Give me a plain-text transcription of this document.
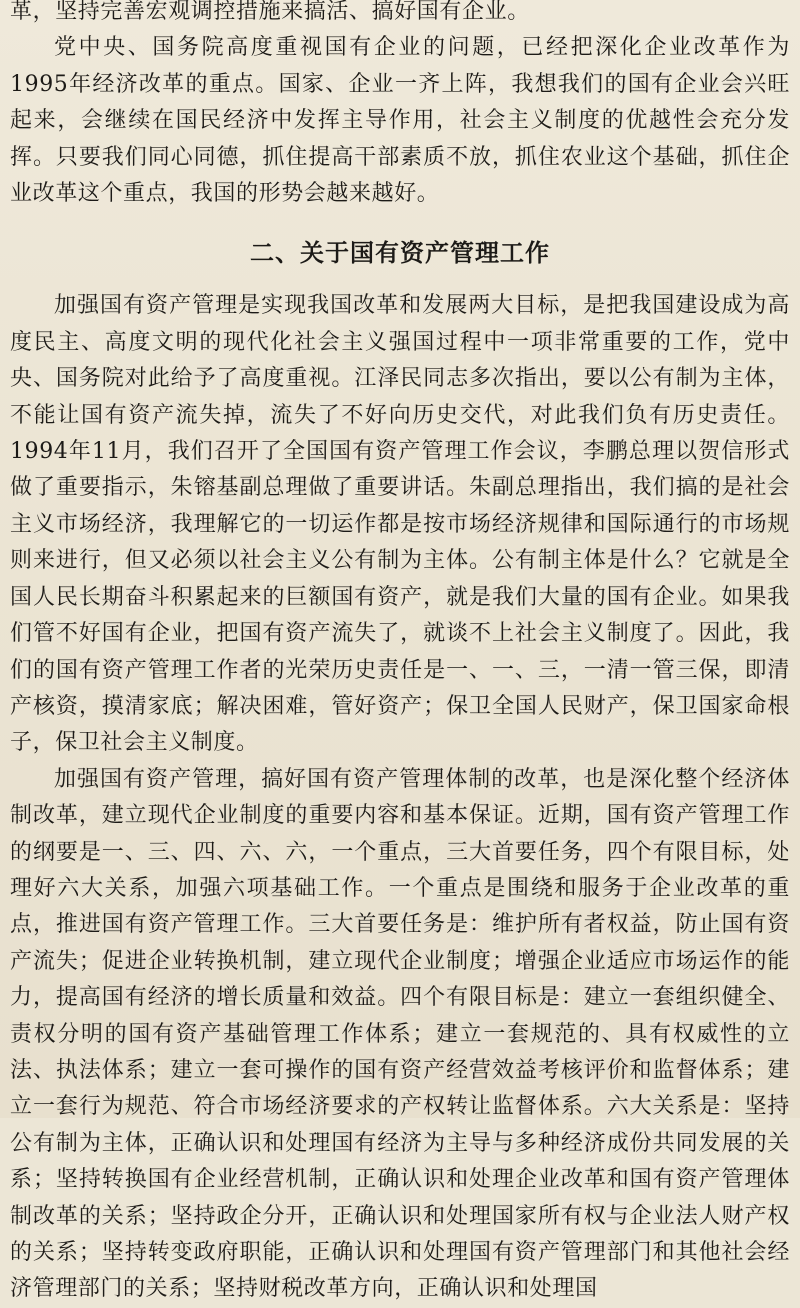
革，坚持完善宏观调控措施来搞活、搞好国有企业。

党中央、国务院高度重视国有企业的问题，已经把深化企业改革作为1995年经济改革的重点。国家、企业一齐上阵，我想我们的国有企业会兴旺起来，会继续在国民经济中发挥主导作用，社会主义制度的优越性会充分发挥。只要我们同心同德，抓住提高干部素质不放，抓住农业这个基础，抓住企业改革这个重点，我国的形势会越来越好。

二、关于国有资产管理工作

加强国有资产管理是实现我国改革和发展两大目标，是把我国建设成为高度民主、高度文明的现代化社会主义强国过程中一项非常重要的工作，党中央、国务院对此给予了高度重视。江泽民同志多次指出，要以公有制为主体，不能让国有资产流失掉，流失了不好向历史交代，对此我们负有历史责任。1994年11月，我们召开了全国国有资产管理工作会议，李鹏总理以贺信形式做了重要指示，朱镕基副总理做了重要讲话。朱副总理指出，我们搞的是社会主义市场经济，我理解它的一切运作都是按市场经济规律和国际通行的市场规则来进行，但又必须以社会主义公有制为主体。公有制主体是什么？它就是全国人民长期奋斗积累起来的巨额国有资产，就是我们大量的国有企业。如果我们管不好国有企业，把国有资产流失了，就谈不上社会主义制度了。因此，我们的国有资产管理工作者的光荣历史责任是一、一、三，一清一管三保，即清产核资，摸清家底；解决困难，管好资产；保卫全国人民财产，保卫国家命根子，保卫社会主义制度。

加强国有资产管理，搞好国有资产管理体制的改革，也是深化整个经济体制改革，建立现代企业制度的重要内容和基本保证。近期，国有资产管理工作的纲要是一、三、四、六、六，一个重点，三大首要任务，四个有限目标，处理好六大关系，加强六项基础工作。一个重点是围绕和服务于企业改革的重点，推进国有资产管理工作。三大首要任务是：维护所有者权益，防止国有资产流失；促进企业转换机制，建立现代企业制度；增强企业适应市场运作的能力，提高国有经济的增长质量和效益。四个有限目标是：建立一套组织健全、责权分明的国有资产基础管理工作体系；建立一套规范的、具有权威性的立法、执法体系；建立一套可操作的国有资产经营效益考核评价和监督体系；建立一套行为规范、符合市场经济要求的产权转让监督体系。六大关系是：坚持公有制为主体，正确认识和处理国有经济为主导与多种经济成份共同发展的关系；坚持转换国有企业经营机制，正确认识和处理企业改革和国有资产管理体制改革的关系；坚持政企分开，正确认识和处理国家所有权与企业法人财产权的关系；坚持转变政府职能，正确认识和处理国有资产管理部门和其他社会经济管理部门的关系；坚持财税改革方向，正确认识和处理国
